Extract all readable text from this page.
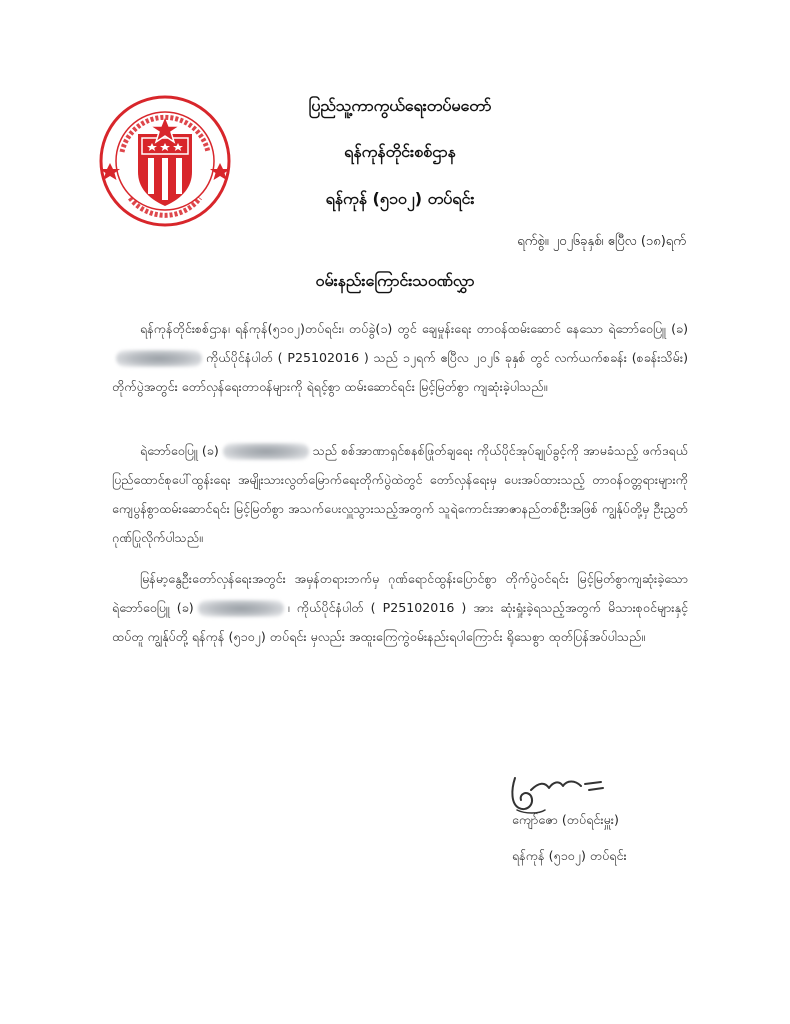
ပြည်သူ့ကာကွယ်ရေးတပ်မတော်
ရန်ကုန်တိုင်းစစ်ဌာန
ရန်ကုန် (၅၁၀၂) တပ်ရင်း
ရက်စွဲ။ ၂၀၂၆ခုနှစ်၊ ဧပြီလ (၁၈)ရက်
ဝမ်းနည်းကြောင်းသဝဏ်လွှာ
ရန်ကုန်တိုင်းစစ်ဌာန၊ ရန်ကုန်(၅၁၀၂)တပ်ရင်း၊ တပ်ခွဲ(၁) တွင် ချေမှုန်းရေး တာဝန်ထမ်းဆောင် နေသော ရဲဘော်ဝေပြူ (ခ)ကိုယ်ပိုင်နံပါတ် ( P25102016 ) သည် ၁၂ရက် ဧပြီလ ၂၀၂၆ ခုနှစ် တွင် လက်ယက်စခန်း (စခန်းသိမ်း) တိုက်ပွဲအတွင်း တော်လှန်ရေးတာဝန်များကို ရဲရင့်စွာ ထမ်းဆောင်ရင်း မြင့်မြတ်စွာ ကျဆုံးခဲ့ပါသည်။
ရဲဘော်ဝေပြူ (ခ)	သည် စစ်အာဏာရှင်စနစ်ဖြုတ်ချရေး ကိုယ်ပိုင်အုပ်ချုပ်ခွင့်ကို အာမခံသည့် ဖက်ဒရယ်ပြည်ထောင်စုပေါ်ထွန်းရေး အမျိုးသားလွတ်မြောက်ရေးတိုက်ပွဲထဲတွင် တော်လှန်ရေးမှ ပေးအပ်ထားသည့် တာဝန်ဝတ္တရားများကို ကျေပွန်စွာထမ်းဆောင်ရင်း မြင့်မြတ်စွာ အသက်ပေးလှူသွားသည့်အတွက် သူရဲကောင်းအာဇာနည်တစ်ဦးအဖြစ် ကျွန်ုပ်တို့မှ ဦးညွှတ်ဂုဏ်ပြုလိုက်ပါသည်။
မြန်မာ့နွေဦးတော်လှန်ရေးအတွင်း အမှန်တရားဘက်မှ ဂုဏ်ရောင်ထွန်းပြောင်စွာ တိုက်ပွဲဝင်ရင်း မြင့်မြတ်စွာကျဆုံးခဲ့သော ရဲဘော်ဝေပြူ (ခ)	၊ ကိုယ်ပိုင်နံပါတ် ( P25102016 ) အား ဆုံးရှုံးခဲ့ရသည့်အတွက် မိသားစုဝင်များနှင့်ထပ်တူ ကျွန်ုပ်တို့ ရန်ကုန် (၅၁၀၂) တပ်ရင်း မှလည်း အထူးကြေကွဲဝမ်းနည်းရပါကြောင်း ရိုသေစွာ ထုတ်ပြန်အပ်ပါသည်။
ကျော်ဇော (တပ်ရင်းမှူး)
ရန်ကုန် (၅၁၀၂) တပ်ရင်း
